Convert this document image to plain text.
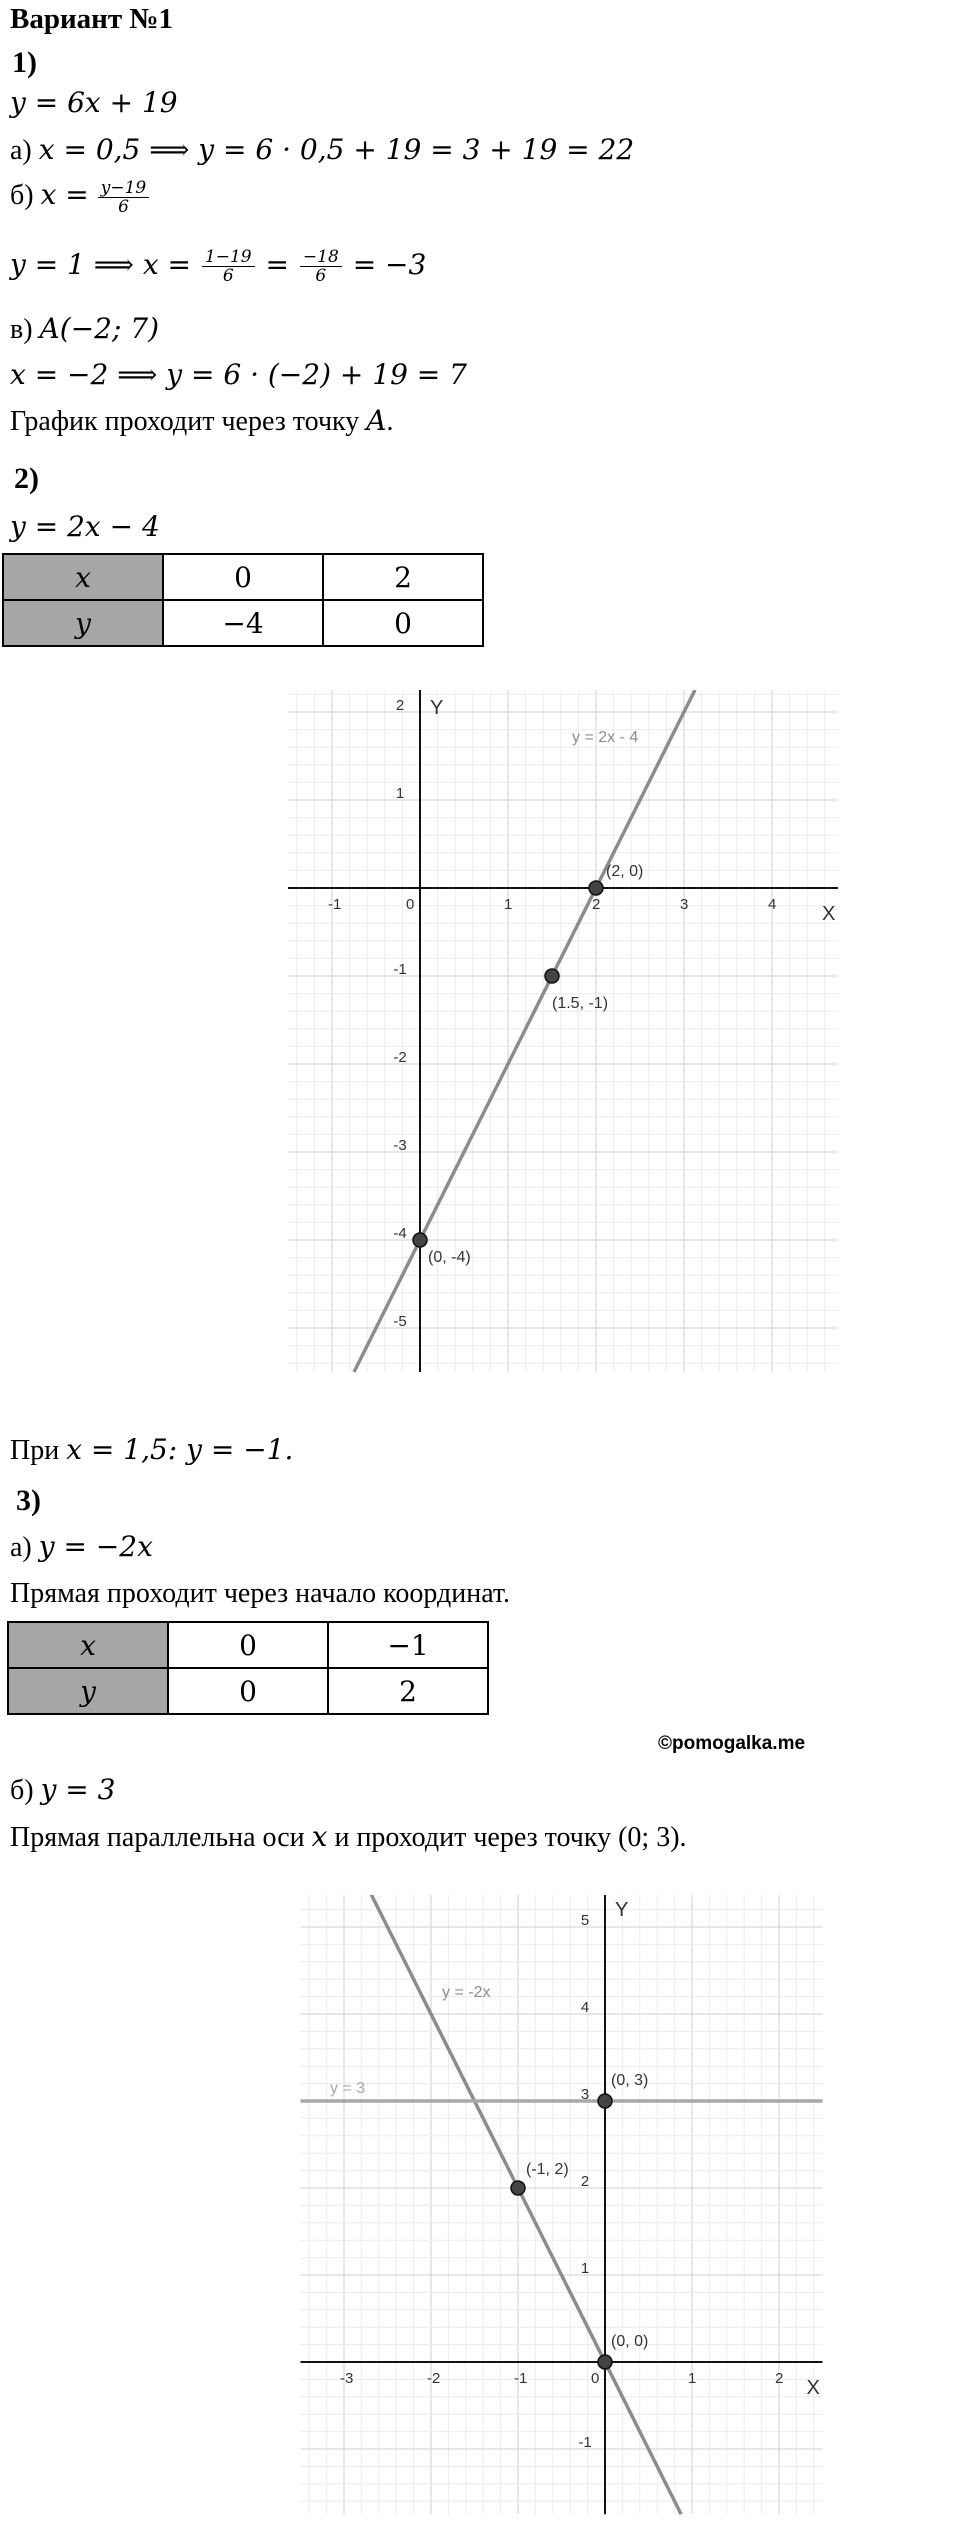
Вариант №1
1)
y = 6x + 19
а) x = 0,5 ⟹ y = 6 · 0,5 + 19 = 3 + 19 = 22
б) $x = \frac{y-19}{6}$
y = 1 ⟹ $x = \frac{1-19}{6} = \frac{-18}{6} = -3$
в) A(−2; 7)
x = −2 ⟹ y = 6 · (−2) + 19 = 7
График проходит через точку A.
2)
y = 2x − 4
x	0	2
y	−4	0
-1	0	1	2	3	4
2
1
-1
-2
-3
-4
-5
X
Y
y = 2x - 4
(2, 0)
(1.5, -1)
(0, -4)
При x = 1,5: y = −1.
3)
а) y = −2x
Прямая проходит через начало координат.
x	0	−1
y	0	2
©pomogalka.me
б) y = 3
Прямая параллельна оси x и проходит через точку (0; 3).
-3	-2	-1	0	1	2
5
4
3
2
1
-1
X
Y
y = -2x
y = 3	(0, 3)
(-1, 2)
(0, 0)
